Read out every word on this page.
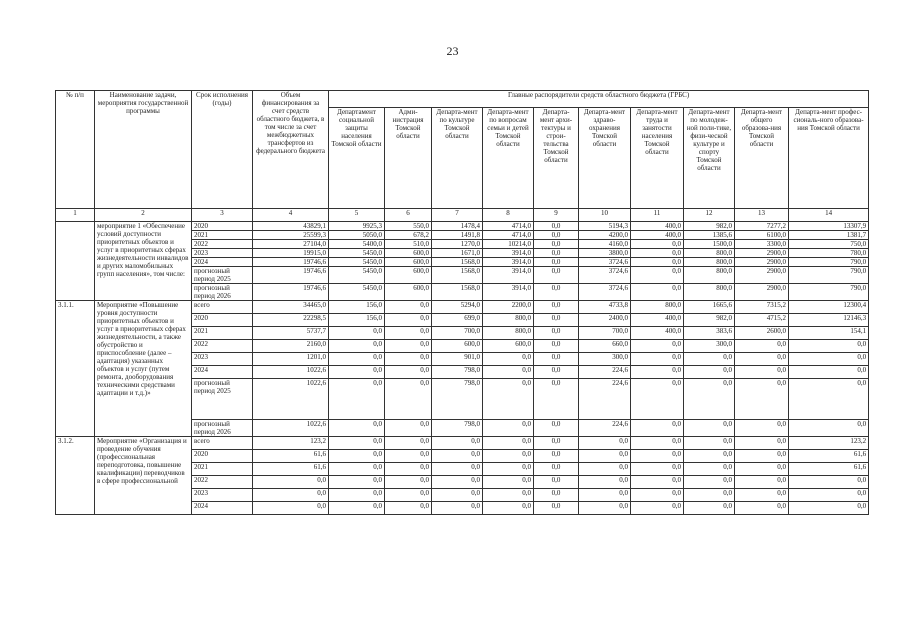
23
№ п/п	Наименование задачи, мероприятия государственной программы	Срок исполнения (годы)	Объем финансирования за счет средств областного бюджета, в том числе за счет межбюджетных трансфертов из федерального бюджета	Главные распорядители средств областного бюджета (ГРБС)									
				Департамент социальной защиты населения Томской области	Адми-нистрация Томской области	Департа-мент по культуре Томской области	Департа-мент по вопросам семьи и детей Томской области	Департа-мент архи-тектуры и строи-тельства Томской области	Департа-мент здраво-охранения Томской области	Департа-мент труда и занятости населения Томской области	Департа-мент по молодеж-ной поли-тике, физи-ческой культуре и спорту Томской области	Департа-мент общего образова-ния Томской области	Департа-мент профес-сиональ-ного образова-ния Томской области
1	2	3	4	5	6	7	8	9	10	11	12	13	14
	мероприятие 1 «Обеспечение условий доступности приоритетных объектов и услуг в приоритетных сферах жизнедеятельности инвалидов и других маломобильных групп населения», том числе:	2020	43829,1	9925,3	550,0	1478,4	4714,0	0,0	5194,3	400,0	982,0	7277,2	13307,9
		2021	25599,3	5050,0	678,2	1491,8	4714,0	0,0	4200,0	400,0	1385,6	6100,0	1381,7
		2022	27104,0	5400,0	510,0	1270,0	10214,0	0,0	4160,0	0,0	1500,0	3300,0	750,0
		2023	19915,0	5450,0	600,0	1671,0	3914,0	0,0	3800,0	0,0	800,0	2900,0	780,0
		2024	19746,6	5450,0	600,0	1568,0	3914,0	0,0	3724,6	0,0	800,0	2900,0	790,0
		прогнозный период 2025	19746,6	5450,0	600,0	1568,0	3914,0	0,0	3724,6	0,0	800,0	2900,0	790,0
		прогнозный период 2026	19746,6	5450,0	600,0	1568,0	3914,0	0,0	3724,6	0,0	800,0	2900,0	790,0
3.1.1.	Мероприятие «Повышение уровня доступности приоритетных объектов и услуг в приоритетных сферах жизнедеятельности, а также обустройство и приспособление (далее – адаптация) указанных объектов и услуг (путем ремонта, дооборудования техническими средствами адаптации и т.д.)»	всего	34465,0	156,0	0,0	5294,0	2200,0	0,0	4733,8	800,0	1665,6	7315,2	12300,4
		2020	22298,5	156,0	0,0	699,0	800,0	0,0	2400,0	400,0	982,0	4715,2	12146,3
		2021	5737,7	0,0	0,0	700,0	800,0	0,0	700,0	400,0	383,6	2600,0	154,1
		2022	2160,0	0,0	0,0	600,0	600,0	0,0	660,0	0,0	300,0	0,0	0,0
		2023	1201,0	0,0	0,0	901,0	0,0	0,0	300,0	0,0	0,0	0,0	0,0
		2024	1022,6	0,0	0,0	798,0	0,0	0,0	224,6	0,0	0,0	0,0	0,0
		прогнозный период 2025	1022,6	0,0	0,0	798,0	0,0	0,0	224,6	0,0	0,0	0,0	0,0
		прогнозный период 2026	1022,6	0,0	0,0	798,0	0,0	0,0	224,6	0,0	0,0	0,0	0,0
3.1.2.	Мероприятие «Организация и проведение обучения (профессиональная переподготовка, повышение квалификации) переводчиков в сфере профессиональной	всего	123,2	0,0	0,0	0,0	0,0	0,0	0,0	0,0	0,0	0,0	123,2
		2020	61,6	0,0	0,0	0,0	0,0	0,0	0,0	0,0	0,0	0,0	61,6
		2021	61,6	0,0	0,0	0,0	0,0	0,0	0,0	0,0	0,0	0,0	61,6
		2022	0,0	0,0	0,0	0,0	0,0	0,0	0,0	0,0	0,0	0,0	0,0
		2023	0,0	0,0	0,0	0,0	0,0	0,0	0,0	0,0	0,0	0,0	0,0
		2024	0,0	0,0	0,0	0,0	0,0	0,0	0,0	0,0	0,0	0,0	0,0
